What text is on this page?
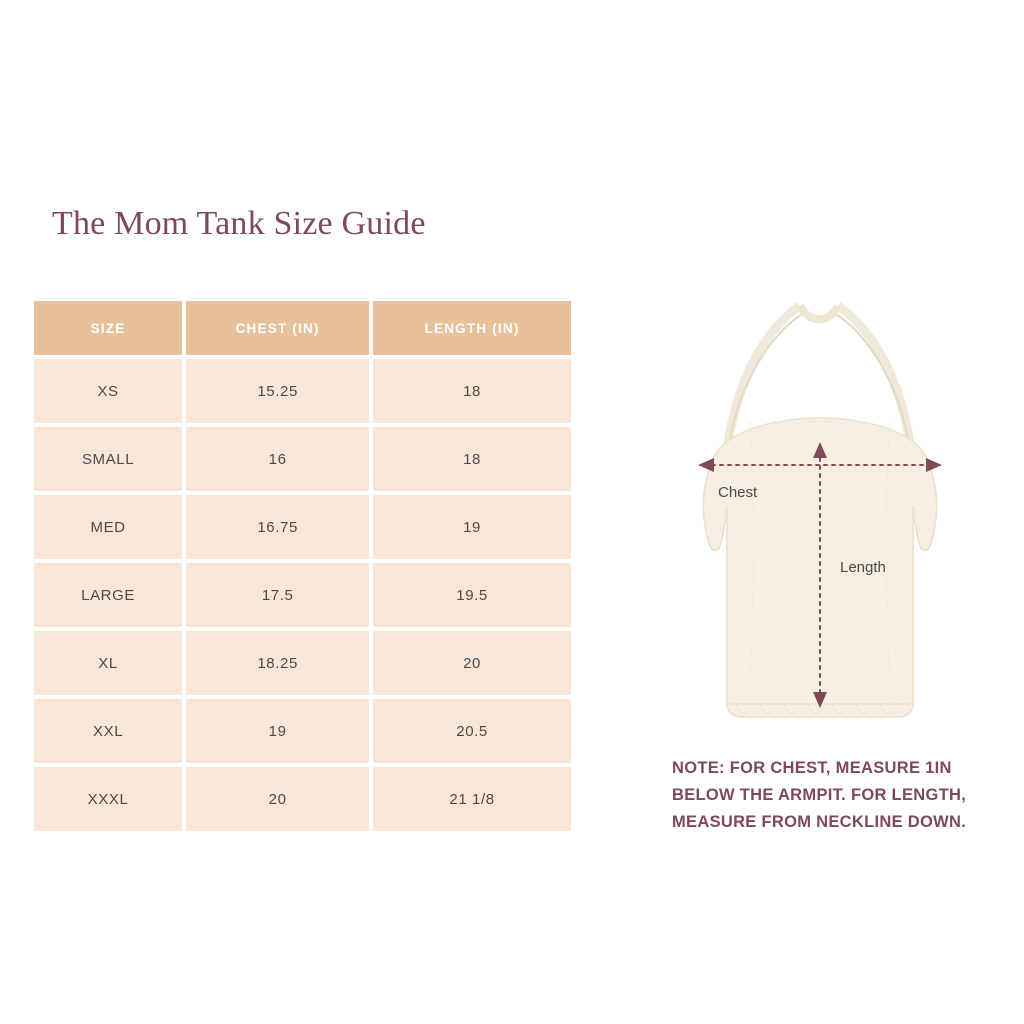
The Mom Tank Size Guide
SIZE	CHEST (IN)	LENGTH (IN)
XS	15.25	18
SMALL	16	18
MED	16.75	19
LARGE	17.5	19.5
XL	18.25	20
XXL	19	20.5
XXXL	20	21 1/8
Chest
Length
NOTE: FOR CHEST, MEASURE 1IN BELOW THE ARMPIT. FOR LENGTH, MEASURE FROM NECKLINE DOWN.
